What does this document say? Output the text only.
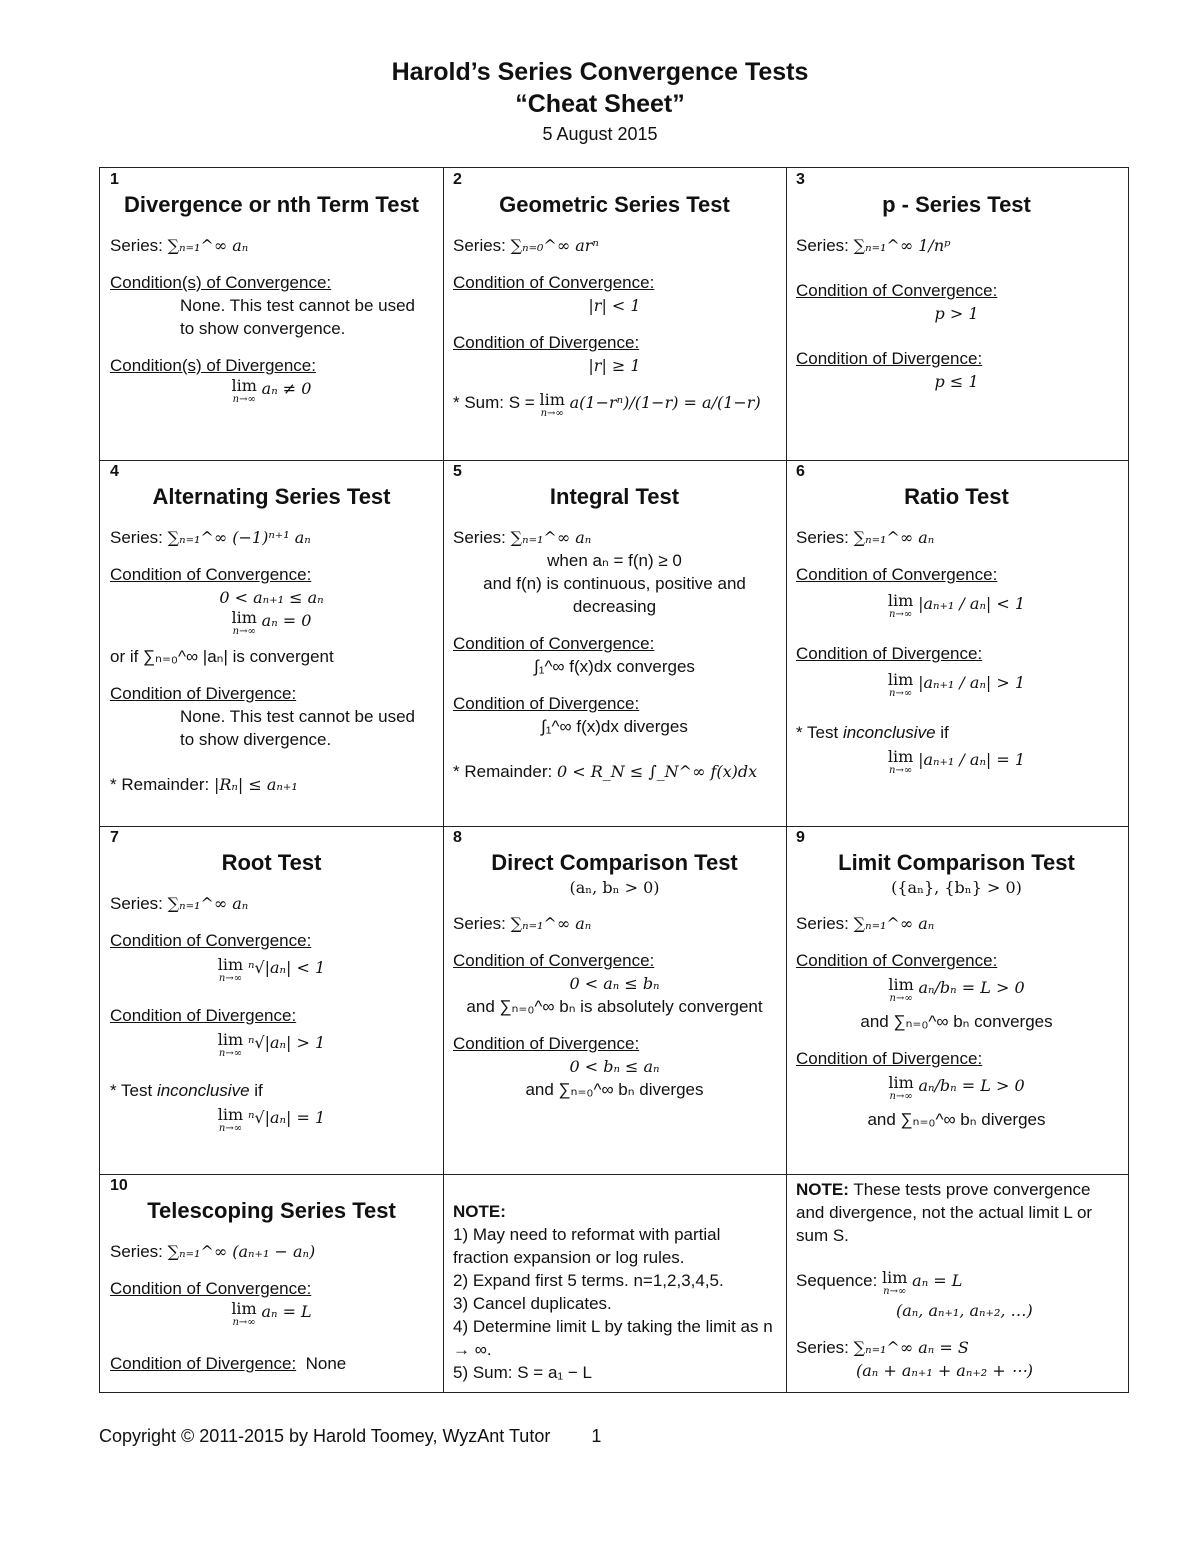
Harold’s Series Convergence Tests
“Cheat Sheet”
5 August 2015
1
Divergence or nth Term Test
Series: ∑ₙ₌₁^∞ aₙ
Condition(s) of Convergence:
None. This test cannot be used to show convergence.
Condition(s) of Divergence:
lim
n→∞
aₙ ≠ 0
2
Geometric Series Test
Series: ∑ₙ₌₀^∞ arⁿ
Condition of Convergence:
|r| < 1
Condition of Divergence:
|r| ≥ 1
* Sum: S = lim
n→∞
a(1−rⁿ)/(1−r) = a/(1−r)
3
p - Series Test
Series: ∑ₙ₌₁^∞ 1/nᵖ
Condition of Convergence:
p > 1
Condition of Divergence:
p ≤ 1
4
Alternating Series Test
Series: ∑ₙ₌₁^∞ (−1)ⁿ⁺¹ aₙ
Condition of Convergence:
0 < aₙ₊₁ ≤ aₙ
lim
n→∞
aₙ = 0
or if ∑ₙ₌₀^∞ |aₙ| is convergent
Condition of Divergence:
None. This test cannot be used to show divergence.
* Remainder: |Rₙ| ≤ aₙ₊₁
5
Integral Test
Series: ∑ₙ₌₁^∞ aₙ
when aₙ = f(n) ≥ 0
and f(n) is continuous, positive and decreasing
Condition of Convergence:
∫₁^∞ f(x)dx converges
Condition of Divergence:
∫₁^∞ f(x)dx diverges
* Remainder: 0 < R_N ≤ ∫_N^∞ f(x)dx
6
Ratio Test
Series: ∑ₙ₌₁^∞ aₙ
Condition of Convergence:
lim
n→∞
|aₙ₊₁ / aₙ| < 1
Condition of Divergence:
lim
n→∞
|aₙ₊₁ / aₙ| > 1
* Test inconclusive if
lim
n→∞
|aₙ₊₁ / aₙ| = 1
7
Root Test
Series: ∑ₙ₌₁^∞ aₙ
Condition of Convergence:
lim
n→∞
ⁿ√|aₙ| < 1
Condition of Divergence:
lim
n→∞
ⁿ√|aₙ| > 1
* Test inconclusive if
lim
n→∞
ⁿ√|aₙ| = 1
8
Direct Comparison Test
(aₙ, bₙ > 0)
Series: ∑ₙ₌₁^∞ aₙ
Condition of Convergence:
0 < aₙ ≤ bₙ
and ∑ₙ₌₀^∞ bₙ is absolutely convergent
Condition of Divergence:
0 < bₙ ≤ aₙ
and ∑ₙ₌₀^∞ bₙ diverges
9
Limit Comparison Test
({aₙ}, {bₙ} > 0)
Series: ∑ₙ₌₁^∞ aₙ
Condition of Convergence:
lim
n→∞
aₙ/bₙ = L > 0
and ∑ₙ₌₀^∞ bₙ converges
Condition of Divergence:
lim
n→∞
aₙ/bₙ = L > 0
and ∑ₙ₌₀^∞ bₙ diverges
10
Telescoping Series Test
Series: ∑ₙ₌₁^∞ (aₙ₊₁ − aₙ)
Condition of Convergence:
lim
n→∞
aₙ = L
Condition of Divergence: None
NOTE:
1) May need to reformat with partial fraction expansion or log rules.
2) Expand first 5 terms. n=1,2,3,4,5.
3) Cancel duplicates.
4) Determine limit L by taking the limit as n → ∞.
5) Sum: S = a₁ − L
NOTE: These tests prove convergence and divergence, not the actual limit L or sum S.
Sequence: lim
n→∞
aₙ = L
(aₙ, aₙ₊₁, aₙ₊₂, …)
Series: ∑ₙ₌₁^∞ aₙ = S
(aₙ + aₙ₊₁ + aₙ₊₂ + ⋯)
Copyright © 2011-2015 by Harold Toomey, WyzAnt Tutor 1
